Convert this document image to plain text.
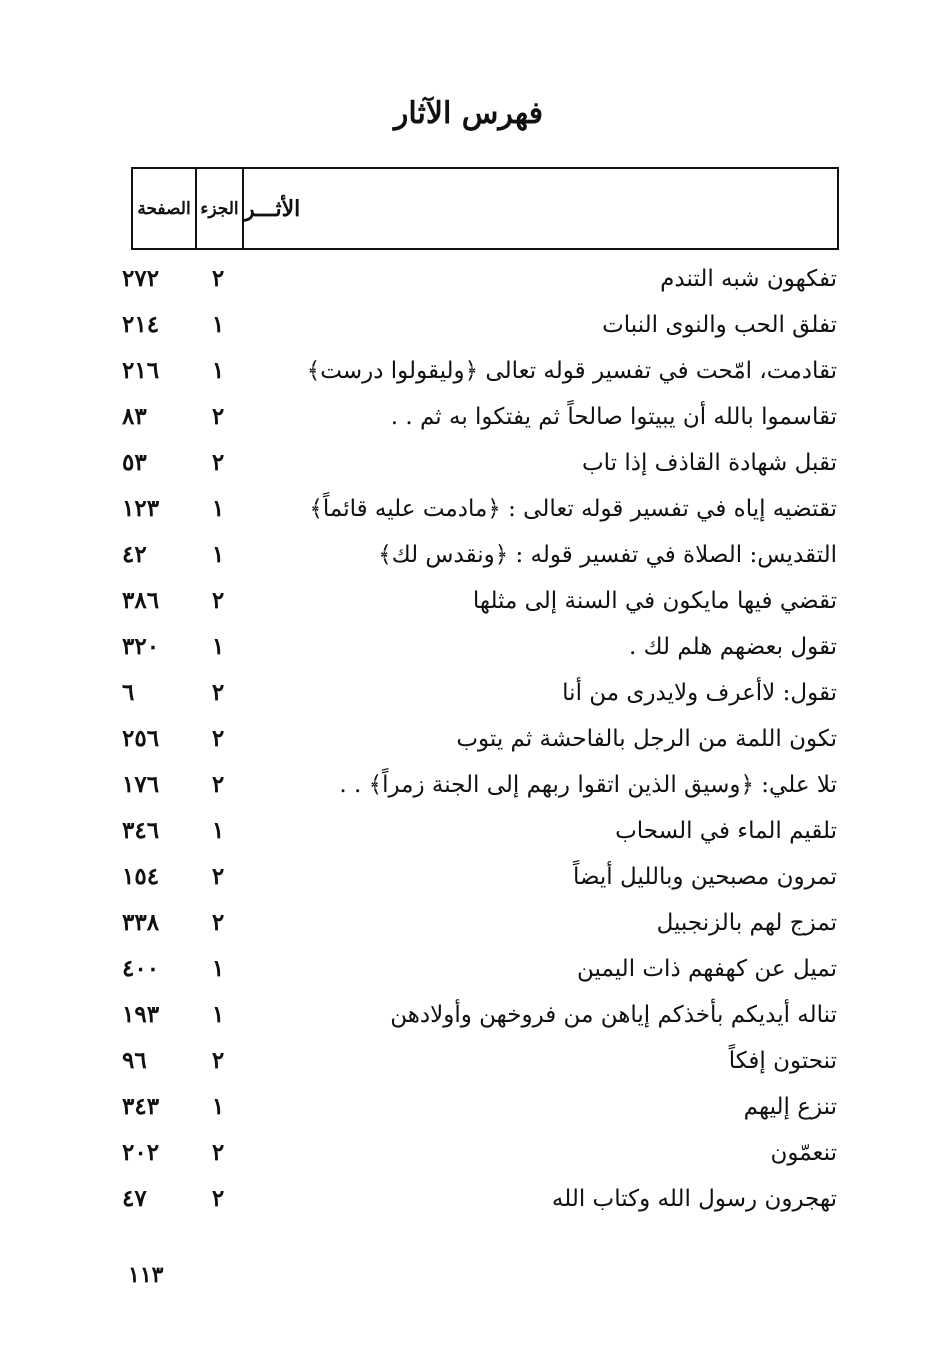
فهرس الآثار
الصفحة الجزء الأثـــر
تفكهون شبه التندم
٢
٢٧٢
تفلق الحب والنوى النبات
١
٢١٤
تقادمت، امّحت في تفسير قوله تعالى ﴿وليقولوا درست﴾
١
٢١٦
تقاسموا بالله أن يبيتوا صالحاً ثم يفتكوا به ثم . .
٢
٨٣
تقبل شهادة القاذف إذا تاب
٢
٥٣
تقتضيه إياه في تفسير قوله تعالى : ﴿مادمت عليه قائماً﴾
١
١٢٣
التقديس: الصلاة في تفسير قوله : ﴿ونقدس لك﴾
١
٤٢
تقضي فيها مايكون في السنة إلى مثلها
٢
٣٨٦
تقول بعضهم هلم لك .
١
٣٢٠
تقول: لاأعرف ولايدرى من أنا
٢
٦
تكون اللمة من الرجل بالفاحشة ثم يتوب
٢
٢٥٦
تلا علي: ﴿وسيق الذين اتقوا ربهم إلى الجنة زمراً﴾ . .
٢
١٧٦
تلقيم الماء في السحاب
١
٣٤٦
تمرون مصبحين وبالليل أيضاً
٢
١٥٤
تمزج لهم بالزنجبيل
٢
٣٣٨
تميل عن كهفهم ذات اليمين
١
٤٠٠
تناله أيديكم بأخذكم إياهن من فروخهن وأولادهن
١
١٩٣
تنحتون إفكاً
٢
٩٦
تنزع إليهم
١
٣٤٣
تنعمّون
٢
٢٠٢
تهجرون رسول الله وكتاب الله
٢
٤٧
١١٣
